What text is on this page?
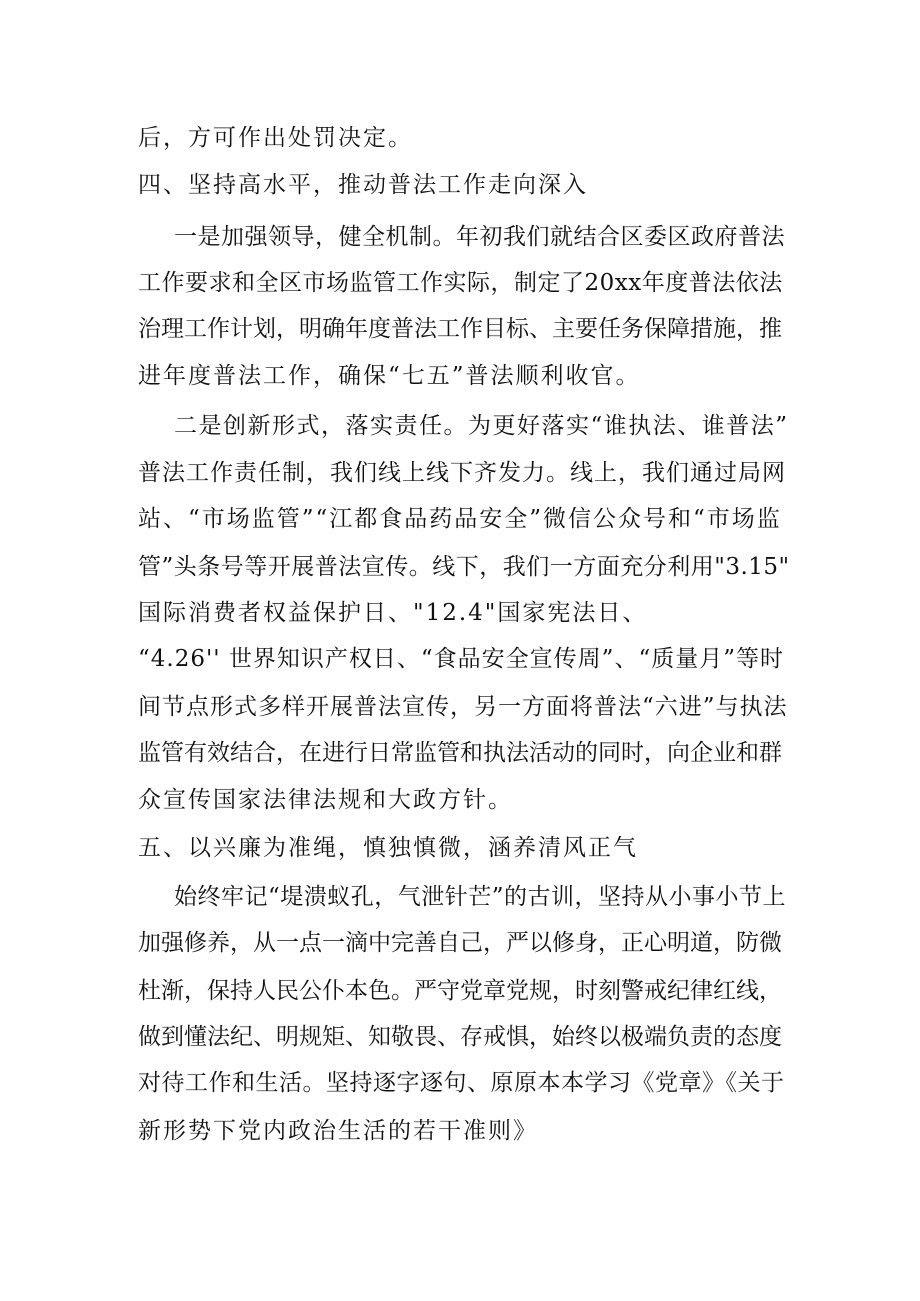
后，方可作出处罚决定。

四、坚持高水平，推动普法工作走向深入

一是加强领导，健全机制。年初我们就结合区委区政府普法

工作要求和全区市场监管工作实际，制定了20xx年度普法依法

治理工作计划，明确年度普法工作目标、主要任务保障措施，推

进年度普法工作，确保“七五”普法顺利收官。

二是创新形式，落实责任。为更好落实“谁执法、谁普法”

普法工作责任制，我们线上线下齐发力。线上，我们通过局网

站、“市场监管”“江都食品药品安全”微信公众号和“市场监

管”头条号等开展普法宣传。线下，我们一方面充分利用"3.15"

国际消费者权益保护日、"12.4"国家宪法日、

“4.26'' 世界知识产权日、“食品安全宣传周”、“质量月”等时

间节点形式多样开展普法宣传，另一方面将普法“六进”与执法

监管有效结合，在进行日常监管和执法活动的同时，向企业和群

众宣传国家法律法规和大政方针。

五、以兴廉为准绳，慎独慎微，涵养清风正气

始终牢记“堤溃蚁孔，气泄针芒”的古训，坚持从小事小节上

加强修养，从一点一滴中完善自己，严以修身，正心明道，防微

杜渐，保持人民公仆本色。严守党章党规，时刻警戒纪律红线，

做到懂法纪、明规矩、知敬畏、存戒惧，始终以极端负责的态度

对待工作和生活。坚持逐字逐句、原原本本学习《党章》《关于

新形势下党内政治生活的若干准则》
